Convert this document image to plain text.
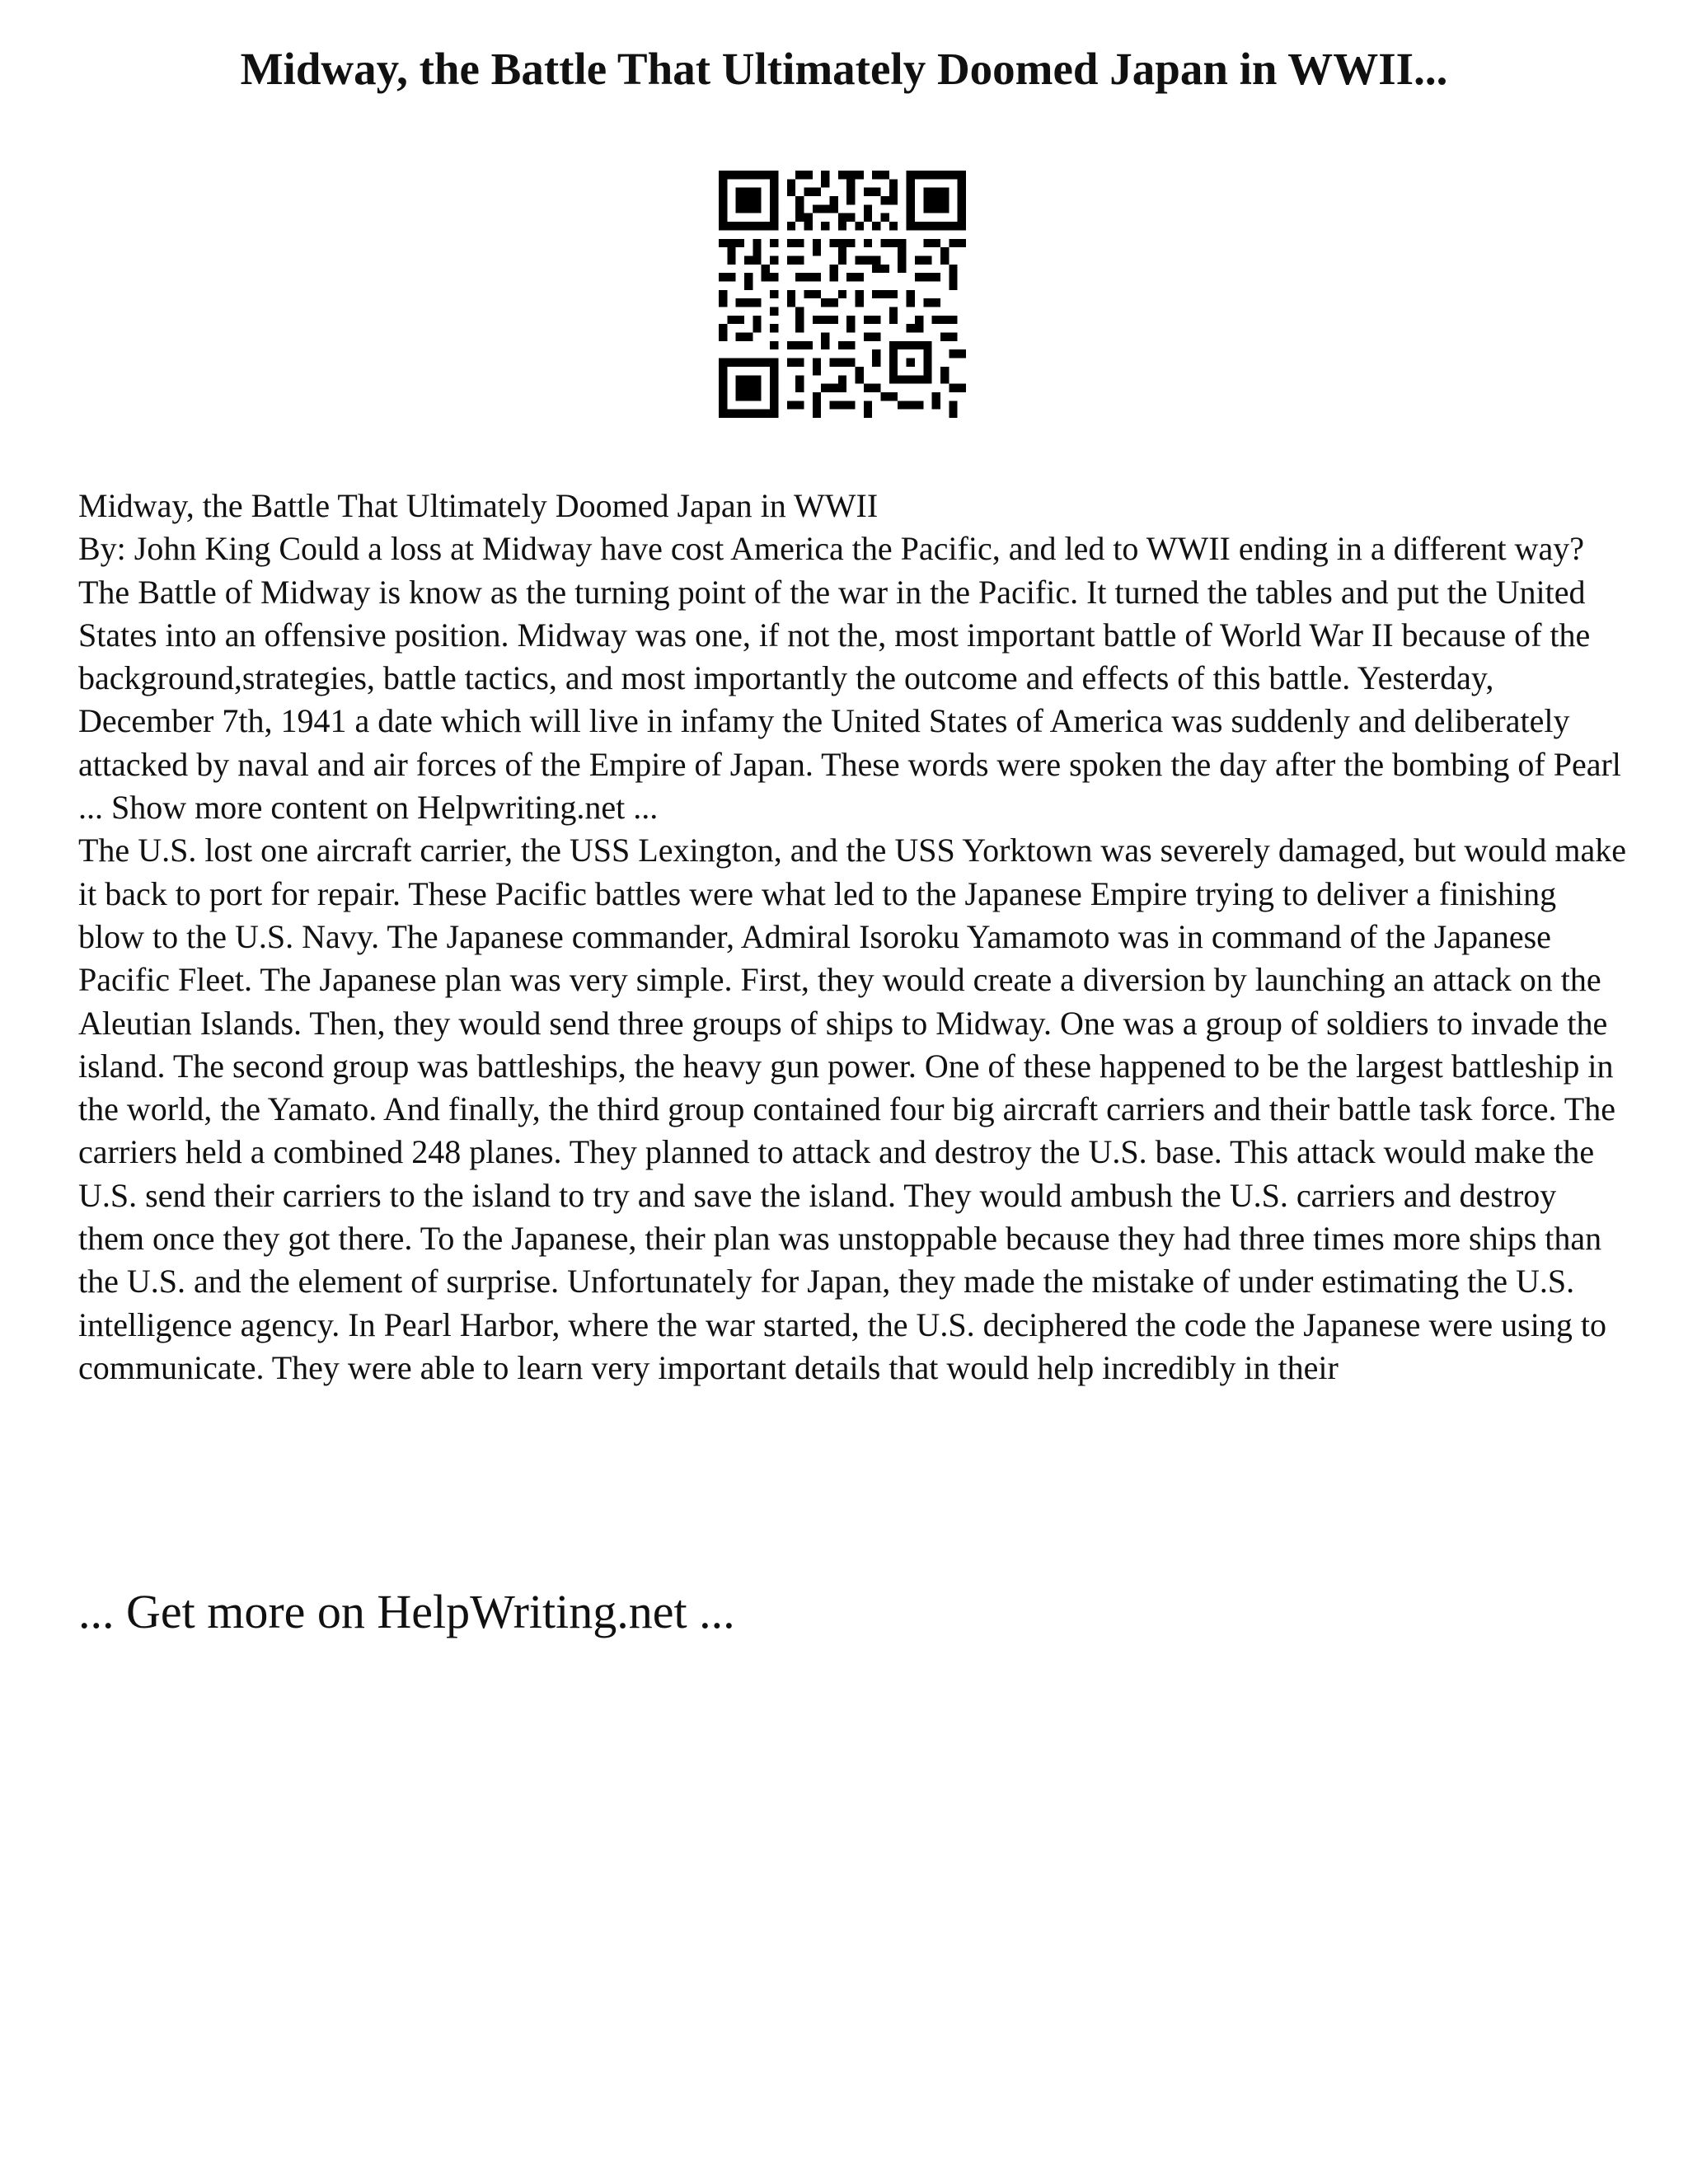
Midway, the Battle That Ultimately Doomed Japan in WWII...

Midway, the Battle That Ultimately Doomed Japan in WWII

By: John King Could a loss at Midway have cost America the Pacific, and led to WWII ending in a different way? The Battle of Midway is know as the turning point of the war in the Pacific. It turned the tables and put the United States into an offensive position. Midway was one, if not the, most important battle of World War II because of the background,strategies, battle tactics, and most importantly the outcome and effects of this battle. Yesterday, December 7th, 1941 a date which will live in infamy the United States of America was suddenly and deliberately attacked by naval and air forces of the Empire of Japan. These words were spoken the day after the bombing of Pearl ... Show more content on Helpwriting.net ...

The U.S. lost one aircraft carrier, the USS Lexington, and the USS Yorktown was severely damaged, but would make it back to port for repair. These Pacific battles were what led to the Japanese Empire trying to deliver a finishing blow to the U.S. Navy. The Japanese commander, Admiral Isoroku Yamamoto was in command of the Japanese Pacific Fleet. The Japanese plan was very simple. First, they would create a diversion by launching an attack on the Aleutian Islands. Then, they would send three groups of ships to Midway. One was a group of soldiers to invade the island. The second group was battleships, the heavy gun power. One of these happened to be the largest battleship in the world, the Yamato. And finally, the third group contained four big aircraft carriers and their battle task force. The carriers held a combined 248 planes. They planned to attack and destroy the U.S. base. This attack would make the U.S. send their carriers to the island to try and save the island. They would ambush the U.S. carriers and destroy them once they got there. To the Japanese, their plan was unstoppable because they had three times more ships than the U.S. and the element of surprise. Unfortunately for Japan, they made the mistake of under estimating the U.S. intelligence agency. In Pearl Harbor, where the war started, the U.S. deciphered the code the Japanese were using to communicate. They were able to learn very important details that would help incredibly in their

... Get more on HelpWriting.net ...
